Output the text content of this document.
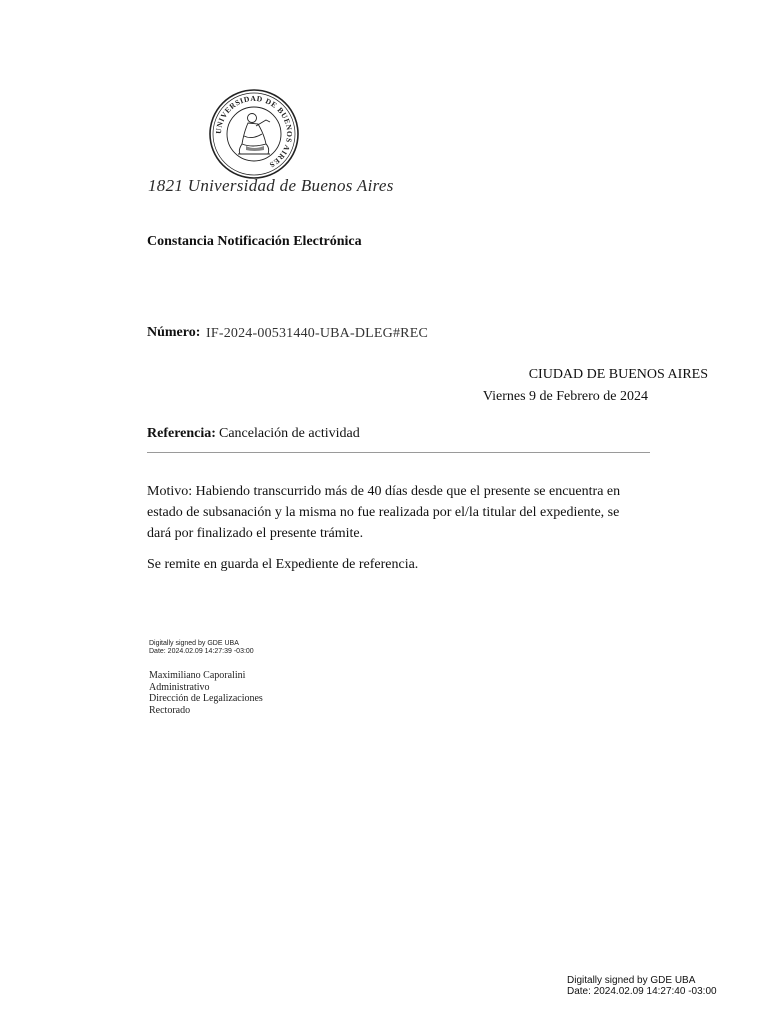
UNIVERSIDAD DE BUENOS AIRES
1821 Universidad de Buenos Aires
Constancia Notificación Electrónica
Número: IF-2024-00531440-UBA-DLEG#REC
CIUDAD DE BUENOS AIRES
Viernes 9 de Febrero de 2024
Referencia: Cancelación de actividad
Motivo: Habiendo transcurrido más de 40 días desde que el presente se encuentra en estado de subsanación y la misma no fue realizada por el/la titular del expediente, se dará por finalizado el presente trámite.
Se remite en guarda el Expediente de referencia.
Digitally signed by GDE UBA
Date: 2024.02.09 14:27:39 -03:00
Maximiliano Caporalini
Administrativo
Dirección de Legalizaciones
Rectorado
Digitally signed by GDE UBA
Date: 2024.02.09 14:27:40 -03:00
